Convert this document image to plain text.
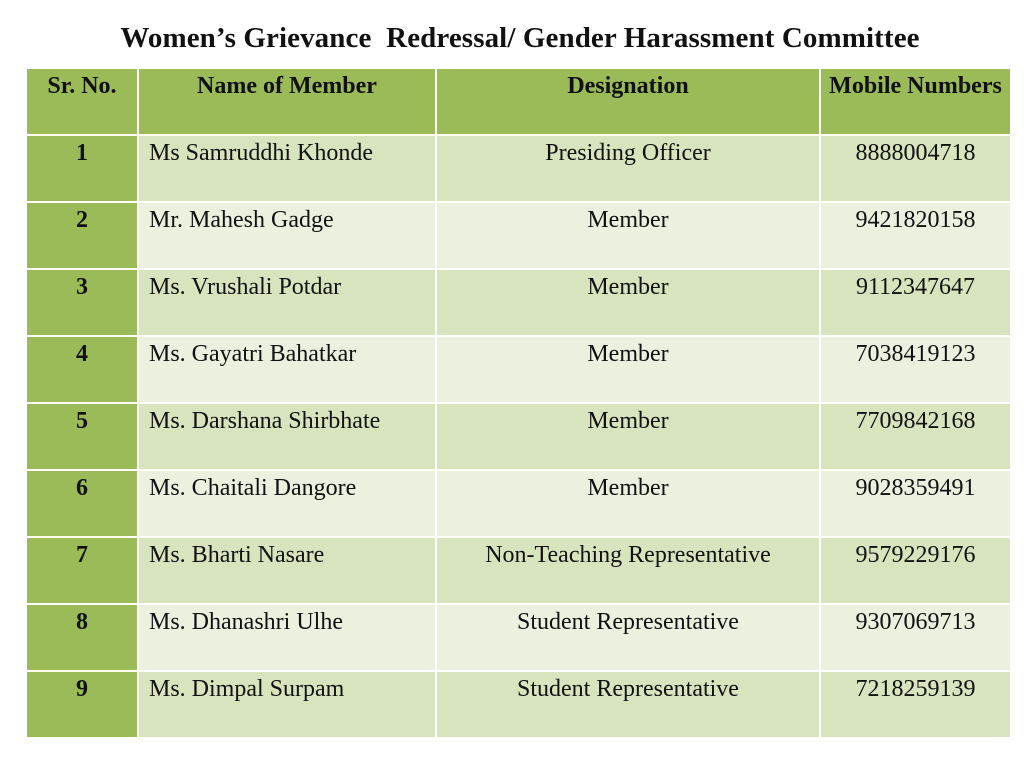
Women’s Grievance  Redressal/ Gender Harassment Committee
Sr. No.	Name of Member	Designation	Mobile Numbers
1	Ms Samruddhi Khonde	Presiding Officer	8888004718
2	Mr. Mahesh Gadge	Member	9421820158
3	Ms. Vrushali Potdar	Member	9112347647
4	Ms. Gayatri Bahatkar	Member	7038419123
5	Ms. Darshana Shirbhate	Member	7709842168
6	Ms. Chaitali Dangore	Member	9028359491
7	Ms. Bharti Nasare	Non-Teaching Representative	9579229176
8	Ms. Dhanashri Ulhe	Student Representative	9307069713
9	Ms. Dimpal Surpam	Student Representative	7218259139
